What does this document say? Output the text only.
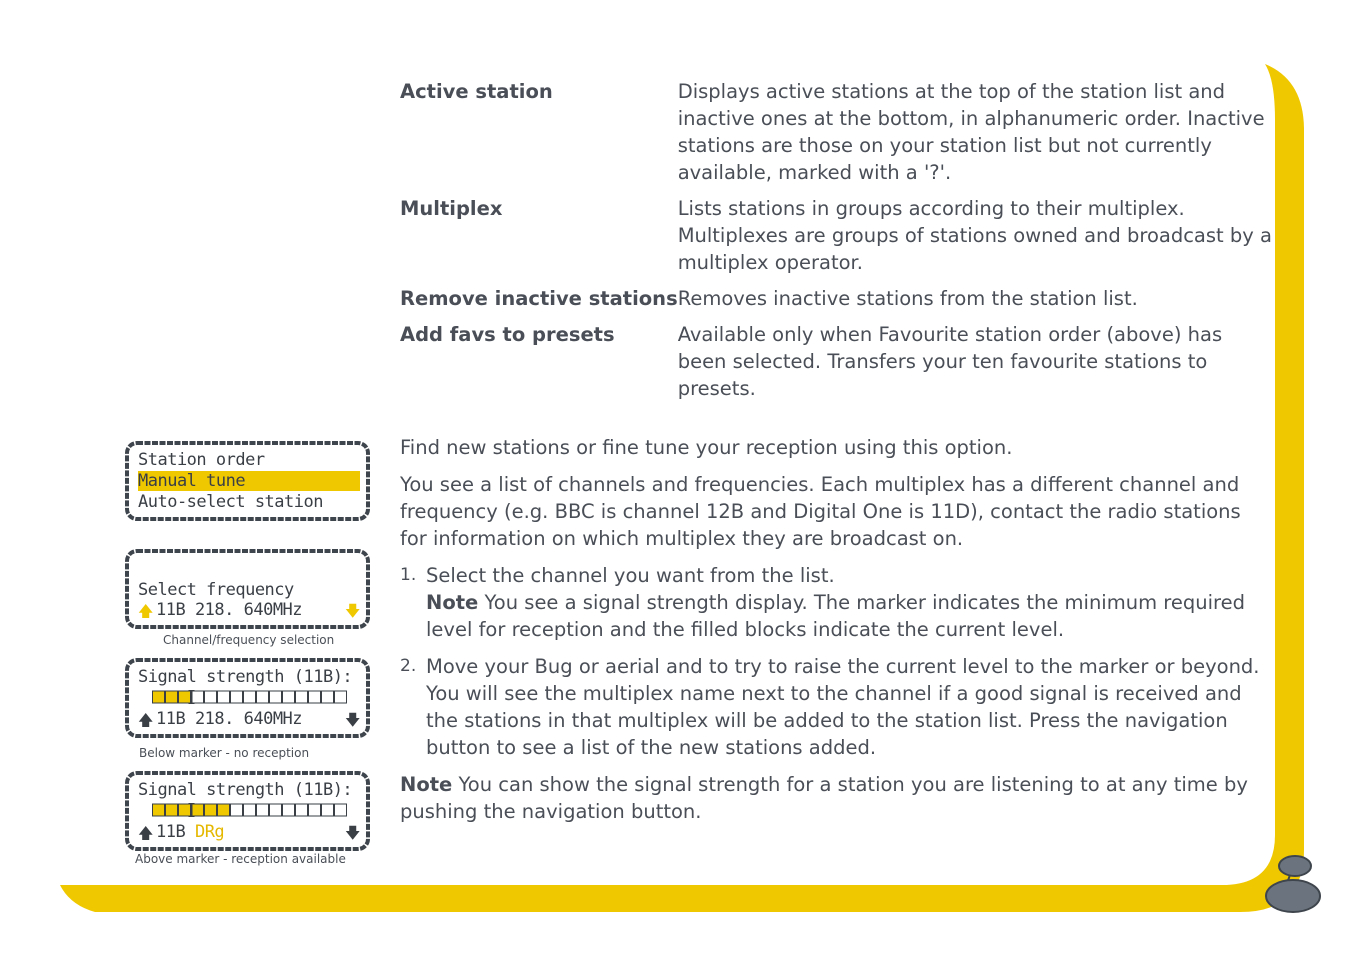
Active station	Displays active stations at the top of the station list and inactive ones at the bottom, in alphanumeric order. Inactive stations are those on your station list but not currently available, marked with a '?'.
Multiplex	Lists stations in groups according to their multiplex. Multiplexes are groups of stations owned and broadcast by a multiplex operator.
Remove inactive stations	Removes inactive stations from the station list.
Add favs to presets	Available only when Favourite station order (above) has been selected. Transfers your ten favourite stations to presets.

Find new stations or fine tune your reception using this option.

You see a list of channels and frequencies. Each multiplex has a different channel and frequency (e.g. BBC is channel 12B and Digital One is 11D), contact the radio stations for information on which multiplex they are broadcast on.

1. Select the channel you want from the list.
Note You see a signal strength display. The marker indicates the minimum required level for reception and the filled blocks indicate the current level.
2. Move your Bug or aerial and to try to raise the current level to the marker or beyond. You will see the multiplex name next to the channel if a good signal is received and the stations in that multiplex will be added to the station list. Press the navigation button to see a list of the new stations added.

Note You can show the signal strength for a station you are listening to at any time by pushing the navigation button.

Station order
Manual tune
Auto-select station
Select frequency
🡅 11B 218. 640MHz	🡇
Channel/frequency selection
Signal strength (11B):
🡅 11B 218. 640MHz	🡇
Below marker - no reception
Signal strength (11B):
🡅 11B DRg	🡇
Above marker - reception available
